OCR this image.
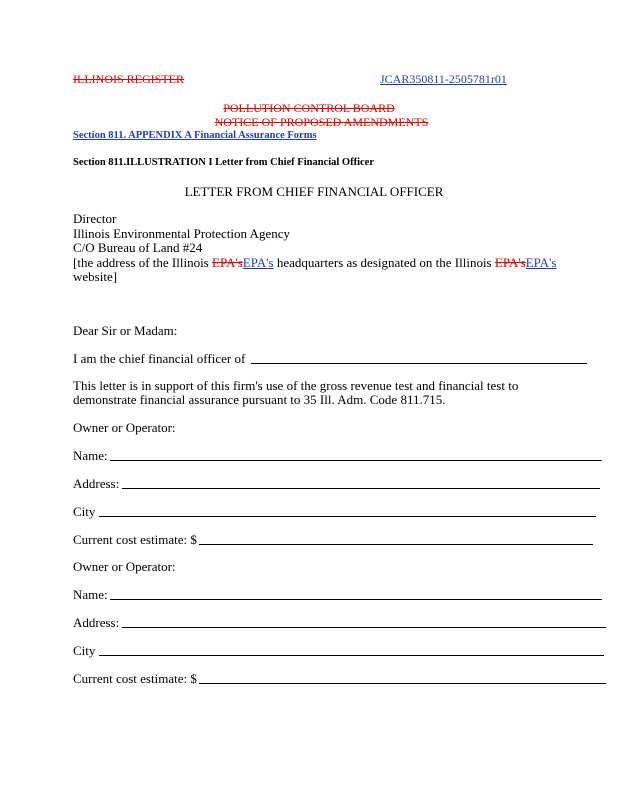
ILLINOIS REGISTER	JCAR350811-2505781r01
POLLUTION CONTROL BOARD
NOTICE OF PROPOSED AMENDMENTS
Section 811. APPENDIX A Financial Assurance Forms
Section 811.ILLUSTRATION I Letter from Chief Financial Officer
LETTER FROM CHIEF FINANCIAL OFFICER
Director
Illinois Environmental Protection Agency
C/O Bureau of Land #24
[the address of the Illinois EPA'sEPA's headquarters as designated on the Illinois EPA'sEPA's
website]
Dear Sir or Madam:
I am the chief financial officer of
This letter is in support of this firm's use of the gross revenue test and financial test to
demonstrate financial assurance pursuant to 35 Ill. Adm. Code 811.715.
Owner or Operator:
Name:
Address:
City
Current cost estimate: $
Owner or Operator:
Name:
Address:
City
Current cost estimate: $
